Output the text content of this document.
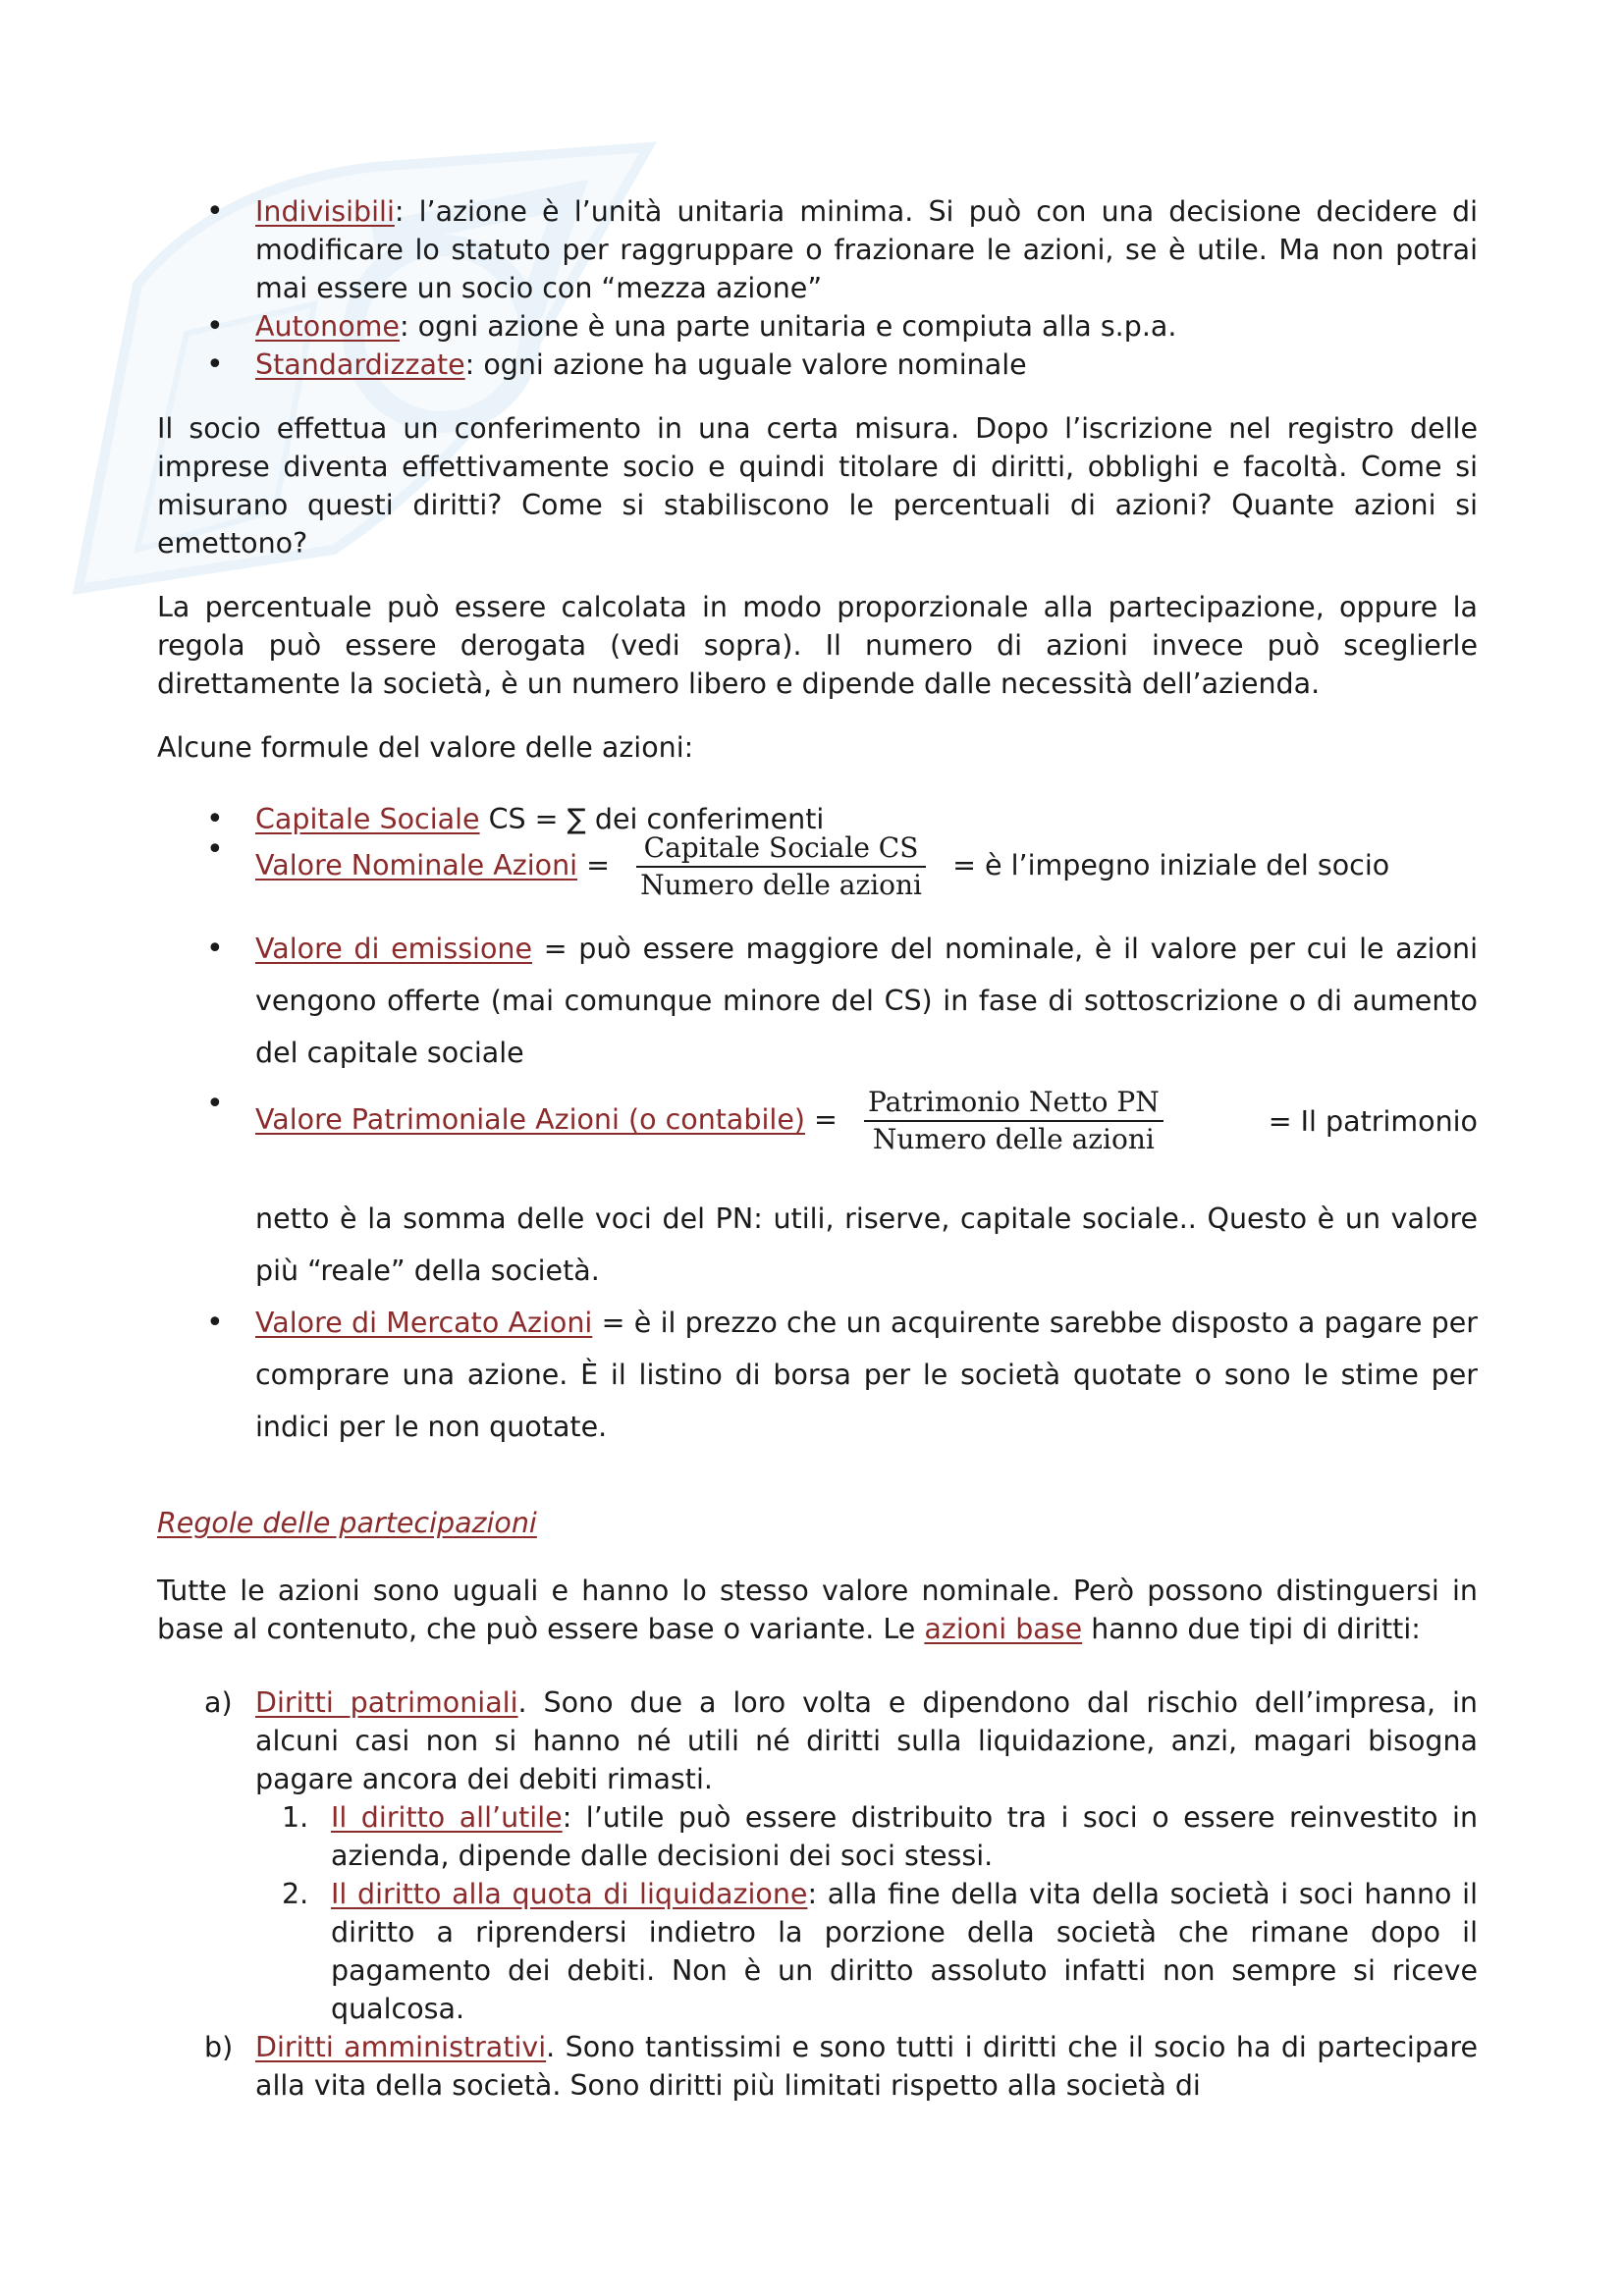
• Indivisibili: l’azione è l’unità unitaria minima. Si può con una decisione decidere di modificare lo statuto per raggruppare o frazionare le azioni, se è utile. Ma non potrai mai essere un socio con “mezza azione”
• Autonome: ogni azione è una parte unitaria e compiuta alla s.p.a.
• Standardizzate: ogni azione ha uguale valore nominale

Il socio effettua un conferimento in una certa misura. Dopo l’iscrizione nel registro delle imprese diventa effettivamente socio e quindi titolare di diritti, obblighi e facoltà. Come si misurano questi diritti? Come si stabiliscono le percentuali di azioni? Quante azioni si emettono?

La percentuale può essere calcolata in modo proporzionale alla partecipazione, oppure la regola può essere derogata (vedi sopra). Il numero di azioni invece può sceglierle direttamente la società, è un numero libero e dipende dalle necessità dell’azienda.

Alcune formule del valore delle azioni:

• Capitale Sociale CS = ∑ dei conferimenti
• Valore Nominale Azioni = $\frac{\text{Capitale Sociale CS}}{\text{Numero delle azioni}}$ = è l’impegno iniziale del socio
• Valore di emissione = può essere maggiore del nominale, è il valore per cui le azioni vengono offerte (mai comunque minore del CS) in fase di sottoscrizione o di aumento del capitale sociale
• Valore Patrimoniale Azioni (o contabile) = $\frac{\text{Patrimonio Netto PN}}{\text{Numero delle azioni}}$	= Il patrimonio

netto è la somma delle voci del PN: utili, riserve, capitale sociale.. Questo è un valore più “reale” della società.

• Valore di Mercato Azioni = è il prezzo che un acquirente sarebbe disposto a pagare per comprare una azione. È il listino di borsa per le società quotate o sono le stime per indici per le non quotate.

Regole delle partecipazioni

Tutte le azioni sono uguali e hanno lo stesso valore nominale. Però possono distinguersi in base al contenuto, che può essere base o variante. Le azioni base hanno due tipi di diritti:

a) Diritti patrimoniali. Sono due a loro volta e dipendono dal rischio dell’impresa, in alcuni casi non si hanno né utili né diritti sulla liquidazione, anzi, magari bisogna pagare ancora dei debiti rimasti.
1. Il diritto all’utile: l’utile può essere distribuito tra i soci o essere reinvestito in azienda, dipende dalle decisioni dei soci stessi.
2. Il diritto alla quota di liquidazione: alla fine della vita della società i soci hanno il diritto a riprendersi indietro la porzione della società che rimane dopo il pagamento dei debiti. Non è un diritto assoluto infatti non sempre si riceve qualcosa.
b) Diritti amministrativi. Sono tantissimi e sono tutti i diritti che il socio ha di partecipare alla vita della società. Sono diritti più limitati rispetto alla società di
